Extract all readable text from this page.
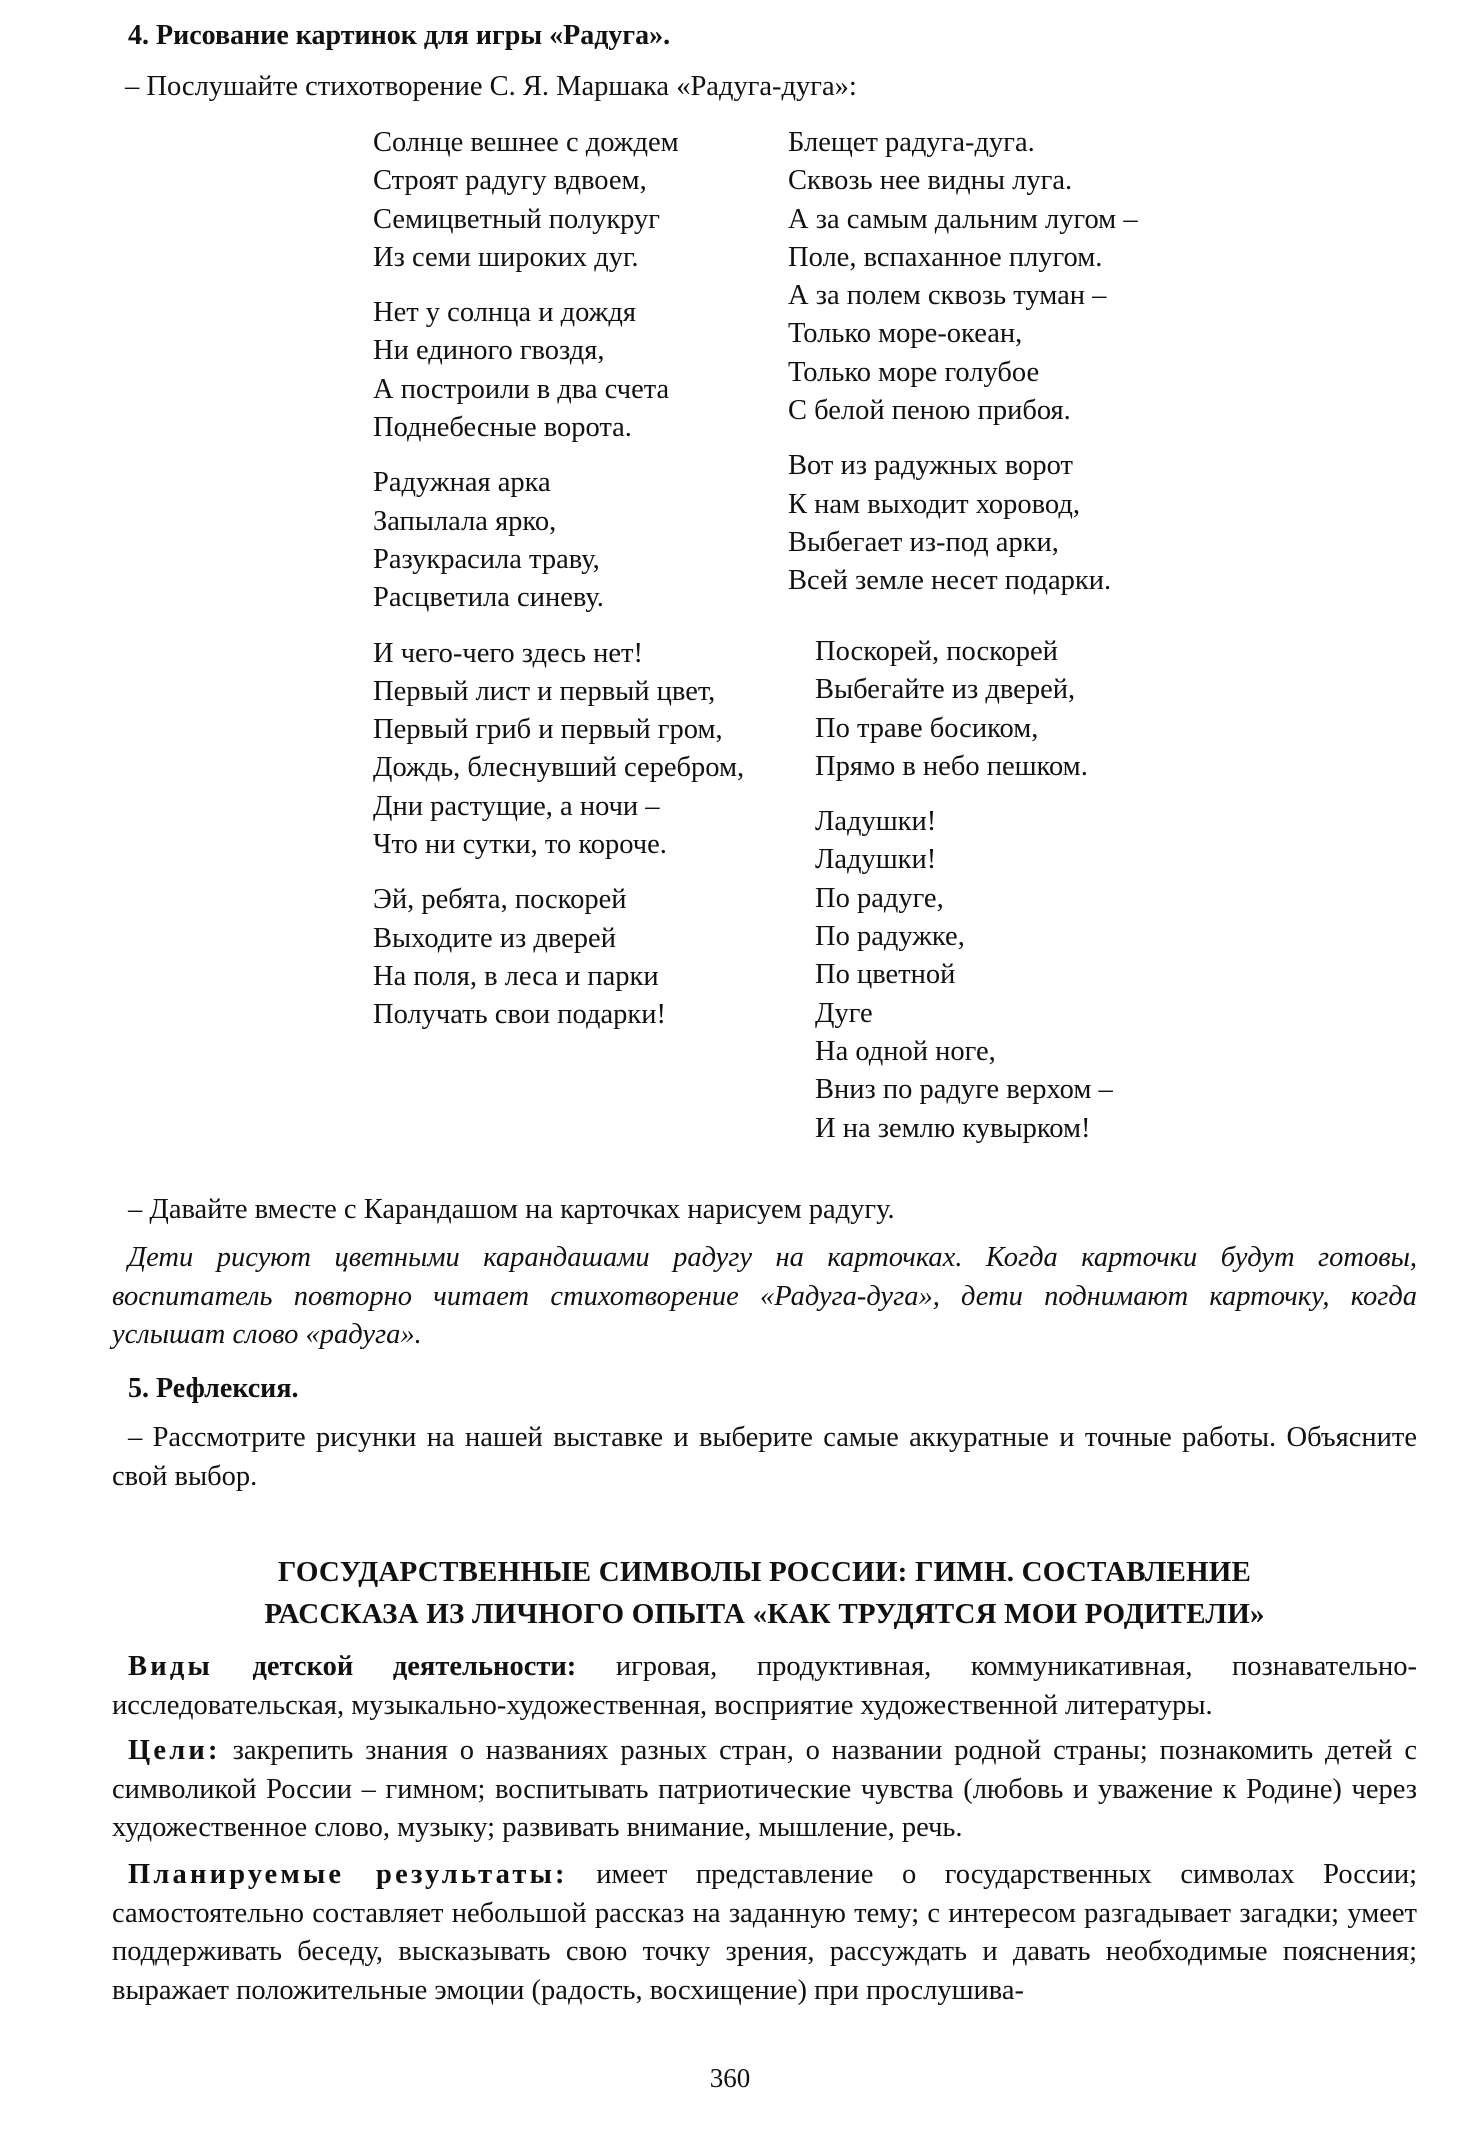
4. Рисование картинок для игры «Радуга».
– Послушайте стихотворение С. Я. Маршака «Радуга-дуга»:
Солнце вешнее с дождем
Строят радугу вдвоем,
Семицветный полукруг
Из семи широких дуг.
Нет у солнца и дождя
Ни единого гвоздя,
А построили в два счета
Поднебесные ворота.
Радужная арка
Запылала ярко,
Разукрасила траву,
Расцветила синеву.
И чего-чего здесь нет!
Первый лист и первый цвет,
Первый гриб и первый гром,
Дождь, блеснувший серебром,
Дни растущие, а ночи –
Что ни сутки, то короче.
Эй, ребята, поскорей
Выходите из дверей
На поля, в леса и парки
Получать свои подарки!
Блещет радуга-дуга.
Сквозь нее видны луга.
А за самым дальним лугом –
Поле, вспаханное плугом.
А за полем сквозь туман –
Только море-океан,
Только море голубое
С белой пеною прибоя.
Вот из радужных ворот
К нам выходит хоровод,
Выбегает из-под арки,
Всей земле несет подарки.
Поскорей, поскорей
Выбегайте из дверей,
По траве босиком,
Прямо в небо пешком.
Ладушки!
Ладушки!
По радуге,
По радужке,
По цветной
Дуге
На одной ноге,
Вниз по радуге верхом –
И на землю кувырком!
– Давайте вместе с Карандашом на карточках нарисуем радугу.
Дети рисуют цветными карандашами радугу на карточках. Когда карточки будут готовы, воспитатель повторно читает стихотворение «Радуга-дуга», дети поднимают карточку, когда услышат слово «радуга».
5. Рефлексия.
– Рассмотрите рисунки на нашей выставке и выберите самые аккуратные и точные работы. Объясните свой выбор.
ГОСУДАРСТВЕННЫЕ СИМВОЛЫ РОССИИ: ГИМН. СОСТАВЛЕНИЕ
РАССКАЗА ИЗ ЛИЧНОГО ОПЫТА «КАК ТРУДЯТСЯ МОИ РОДИТЕЛИ»
Виды детской деятельности: игровая, продуктивная, коммуникативная, познавательно-исследовательская, музыкально-художественная, восприятие художественной литературы.
Цели: закрепить знания о названиях разных стран, о названии родной страны; познакомить детей с символикой России – гимном; воспитывать патриотические чувства (любовь и уважение к Родине) через художественное слово, музыку; развивать внимание, мышление, речь.
Планируемые результаты: имеет представление о государственных символах России; самостоятельно составляет небольшой рассказ на заданную тему; с интересом разгадывает загадки; умеет поддерживать беседу, высказывать свою точку зрения, рассуждать и давать необходимые пояснения; выражает положительные эмоции (радость, восхищение) при прослушива-
360
